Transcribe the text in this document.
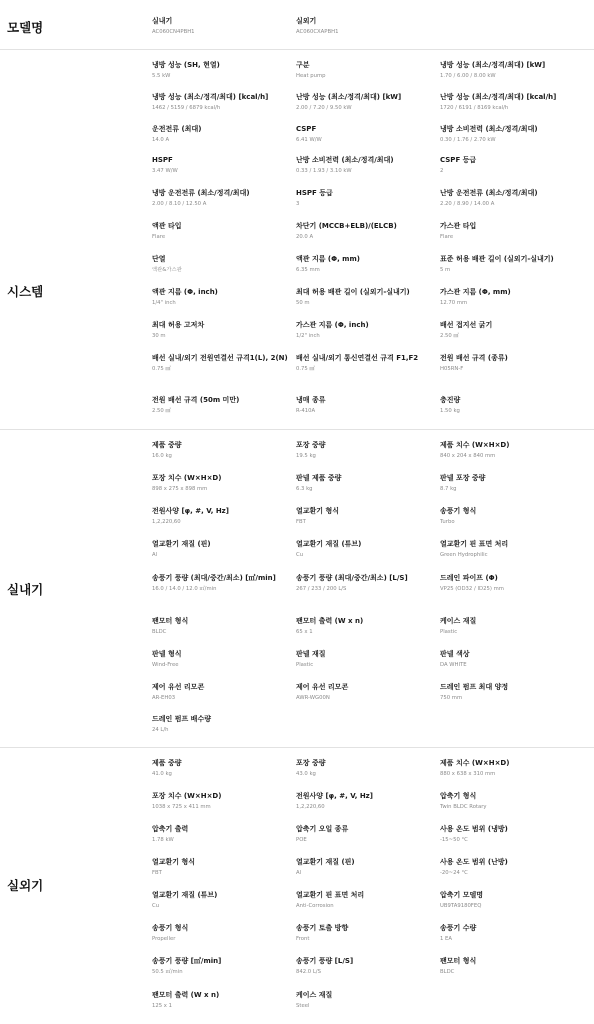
모델명	실내기
AC060CN4PBH1
실외기
AC060CXAPBH1
시스템
냉방 성능 (SH, 현열)
5.5 kW
구분
Heat pump
냉방 성능 (최소/정격/최대) [kW]
1.70 / 6.00 / 8.00 kW
냉방 성능 (최소/정격/최대) [kcal/h]
1462 / 5159 / 6879 kcal/h
난방 성능 (최소/정격/최대) [kW]
2.00 / 7.20 / 9.50 kW
난방 성능 (최소/정격/최대) [kcal/h]
1720 / 6191 / 8169 kcal/h
운전전류 (최대)
14.0 A
CSPF
6.41 W/W
냉방 소비전력 (최소/정격/최대)
0.30 / 1.76 / 2.70 kW
HSPF
3.47 W/W
난방 소비전력 (최소/정격/최대)
0.33 / 1.93 / 3.10 kW
CSPF 등급
2
냉방 운전전류 (최소/정격/최대)
2.00 / 8.10 / 12.50 A
HSPF 등급
3
난방 운전전류 (최소/정격/최대)
2.20 / 8.90 / 14.00 A
액관 타입
Flare
차단기 (MCCB+ELB)/(ELCB)
20.0 A
가스관 타입
Flare
단열
액관&가스관
액관 지름 (Φ, mm)
6.35 mm
표준 허용 배관 길이 (실외기-실내기)
5 m
액관 지름 (Φ, inch)
1/4" inch
최대 허용 배관 길이 (실외기-실내기)
50 m
가스관 지름 (Φ, mm)
12.70 mm
최대 허용 고저차
30 m
가스관 지름 (Φ, inch)
1/2" inch
배선 접지선 굵기
2.50 ㎟
배선 실내/외기 전원연결선 규격1(L), 2(N)
0.75 ㎟
배선 실내/외기 통신연결선 규격 F1,F2
0.75 ㎟
전원 배선 규격 (종류)
H05RN-F
전원 배선 규격 (50m 미만)
2.50 ㎟
냉매 종류
R-410A
충진량
1.50 kg
실내기
제품 중량
16.0 kg
포장 중량
19.5 kg
제품 치수 (W×H×D)
840 x 204 x 840 mm
포장 치수 (W×H×D)
898 x 275 x 898 mm
판넬 제품 중량
6.3 kg
판넬 포장 중량
8.7 kg
전원사양 [φ, #, V, Hz]
1,2,220,60
열교환기 형식
FBT
송풍기 형식
Turbo
열교환기 재질 (핀)
Al
열교환기 재질 (튜브)
Cu
열교환기 핀 표면 처리
Green Hydrophilic
송풍기 풍량 (최대/중간/최소) [㎥/min]
16.0 / 14.0 / 12.0 ㎥/min
송풍기 풍량 (최대/중간/최소) [L/S]
267 / 233 / 200 L/S
드레인 파이프 (Φ)
VP25 (OD32 / ID25) mm
팬모터 형식
BLDC
팬모터 출력 (W x n)
65 x 1
케이스 재질
Plastic
판넬 형식
Wind-Free
판넬 재질
Plastic
판넬 색상
DA WHITE
제어 유선 리모콘
AR-EH03
제어 유선 리모콘
AWR-WG00N
드레인 펌프 최대 양정
750 mm
드레인 펌프 배수량
24 L/h
실외기
제품 중량
41.0 kg
포장 중량
43.0 kg
제품 치수 (W×H×D)
880 x 638 x 310 mm
포장 치수 (W×H×D)
1038 x 725 x 411 mm
전원사양 [φ, #, V, Hz]
1,2,220,60
압축기 형식
Twin BLDC Rotary
압축기 출력
1.78 kW
압축기 오일 종류
POE
사용 온도 범위 (냉방)
-15~50 °C
열교환기 형식
FBT
열교환기 재질 (핀)
Al
사용 온도 범위 (난방)
-20~24 °C
열교환기 재질 (튜브)
Cu
열교환기 핀 표면 처리
Anti-Corrosion
압축기 모델명
UB9TA9180FEQ
송풍기 형식
Propeller
송풍기 토출 방향
Front
송풍기 수량
1 EA
송풍기 풍량 [㎥/min]
50.5 ㎥/min
송풍기 풍량 [L/S]
842.0 L/S
팬모터 형식
BLDC
팬모터 출력 (W x n)
125 x 1
케이스 재질
Steel
